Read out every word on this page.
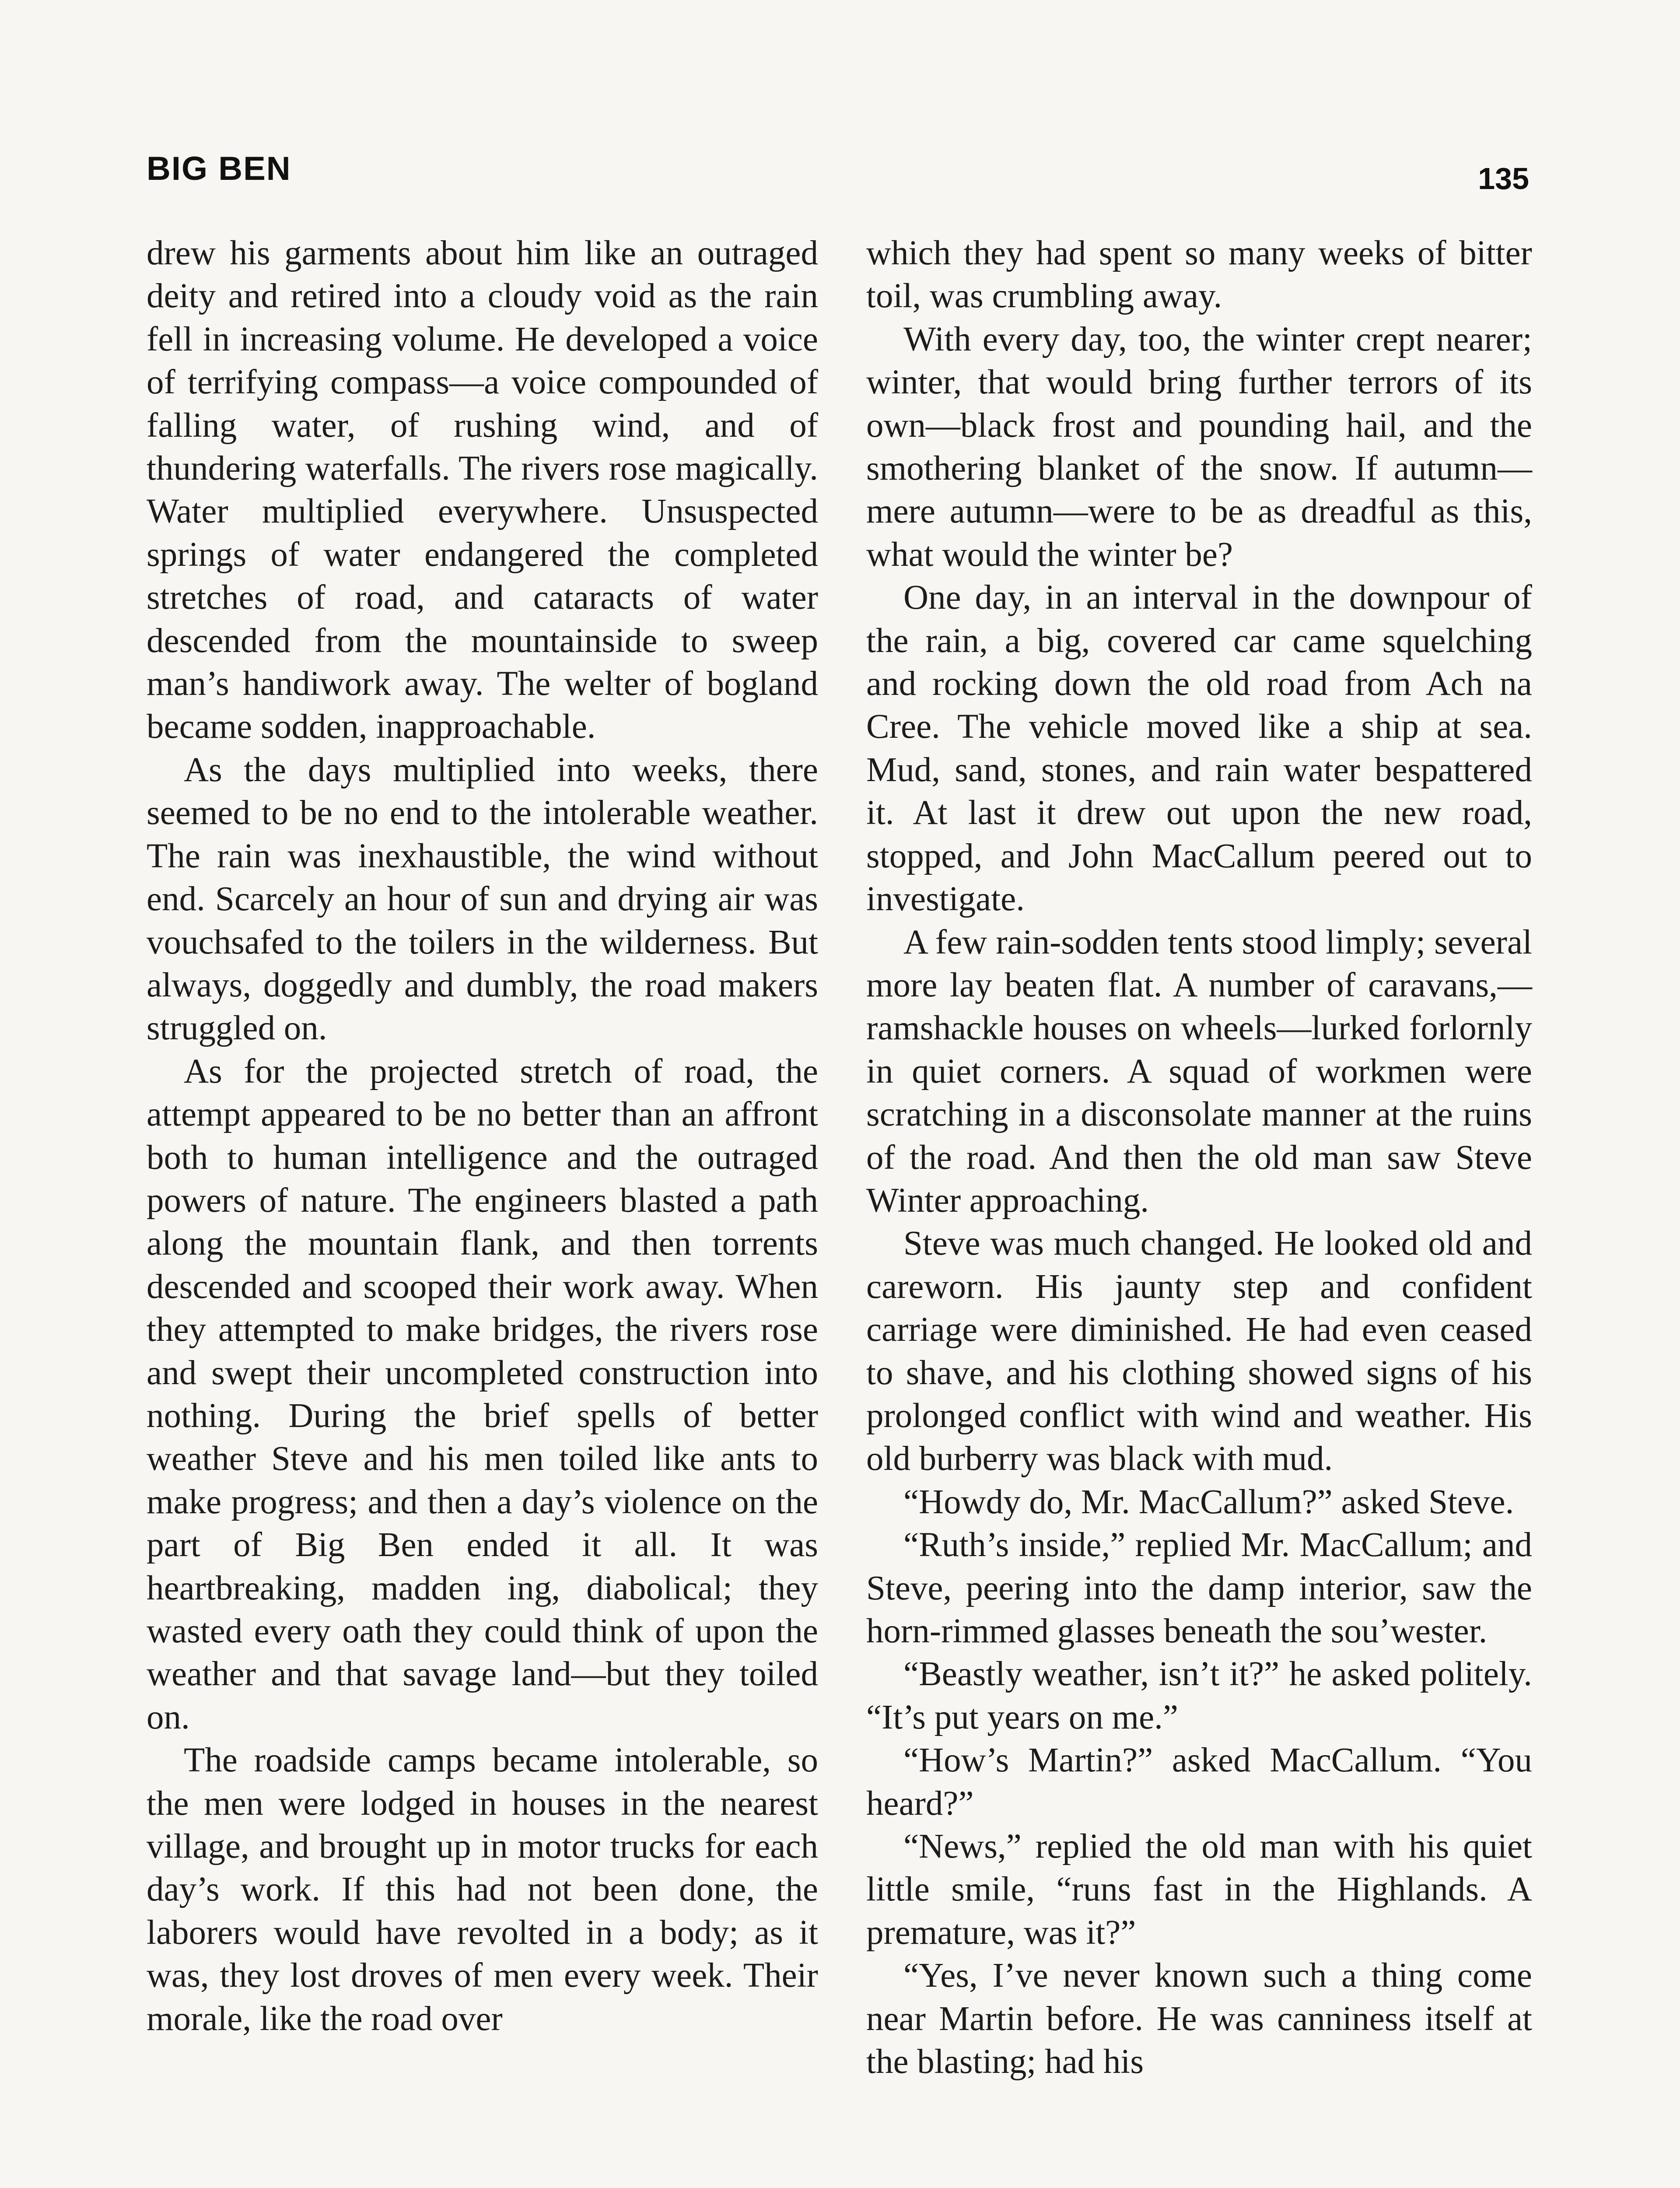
BIG BEN	135

drew his garments about him like an outraged deity and retired into a cloudy void as the rain fell in increasing volume. He developed a voice of terrifying compass—a voice compounded of falling water, of rushing wind, and of thundering waterfalls. The rivers rose magically. Water multiplied everywhere. Unsuspected springs of water endangered the completed stretches of road, and cataracts of water descended from the mountainside to sweep man’s handiwork away. The welter of bogland became sodden, inapproachable.

As the days multiplied into weeks, there seemed to be no end to the intolerable weather. The rain was inexhaustible, the wind without end. Scarcely an hour of sun and drying air was vouchsafed to the toilers in the wilderness. But always, doggedly and dumbly, the road makers struggled on.

As for the projected stretch of road, the attempt appeared to be no better than an affront both to human intelligence and the outraged powers of nature. The engineers blasted a path along the mountain flank, and then torrents descended and scooped their work away. When they attempted to make bridges, the rivers rose and swept their uncompleted construction into nothing. During the brief spells of better weather Steve and his men toiled like ants to make progress; and then a day’s violence on the part of Big Ben ended it all. It was heartbreaking, madden ing, diabolical; they wasted every oath they could think of upon the weather and that savage land—but they toiled on.

The roadside camps became intolerable, so the men were lodged in houses in the nearest village, and brought up in motor trucks for each day’s work. If this had not been done, the laborers would have revolted in a body; as it was, they lost droves of men every week. Their morale, like the road over

which they had spent so many weeks of bitter toil, was crumbling away.

With every day, too, the winter crept nearer; winter, that would bring further terrors of its own—black frost and pounding hail, and the smothering blanket of the snow. If autumn—mere autumn—were to be as dreadful as this, what would the winter be?

One day, in an interval in the downpour of the rain, a big, covered car came squelching and rocking down the old road from Ach na Cree. The vehicle moved like a ship at sea. Mud, sand, stones, and rain water bespattered it. At last it drew out upon the new road, stopped, and John MacCallum peered out to investigate.

A few rain-sodden tents stood limply; several more lay beaten flat. A number of caravans,—ramshackle houses on wheels—lurked forlornly in quiet corners. A squad of workmen were scratching in a disconsolate manner at the ruins of the road. And then the old man saw Steve Winter approaching.

Steve was much changed. He looked old and careworn. His jaunty step and confident carriage were diminished. He had even ceased to shave, and his clothing showed signs of his prolonged conflict with wind and weather. His old burberry was black with mud.

“Howdy do, Mr. MacCallum?” asked Steve.

“Ruth’s inside,” replied Mr. MacCallum; and Steve, peering into the damp interior, saw the horn-rimmed glasses beneath the sou’wester.

“Beastly weather, isn’t it?” he asked politely. “It’s put years on me.”

“How’s Martin?” asked MacCallum. “You heard?”

“News,” replied the old man with his quiet little smile, “runs fast in the Highlands. A premature, was it?”

“Yes, I’ve never known such a thing come near Martin before. He was canniness itself at the blasting; had his
